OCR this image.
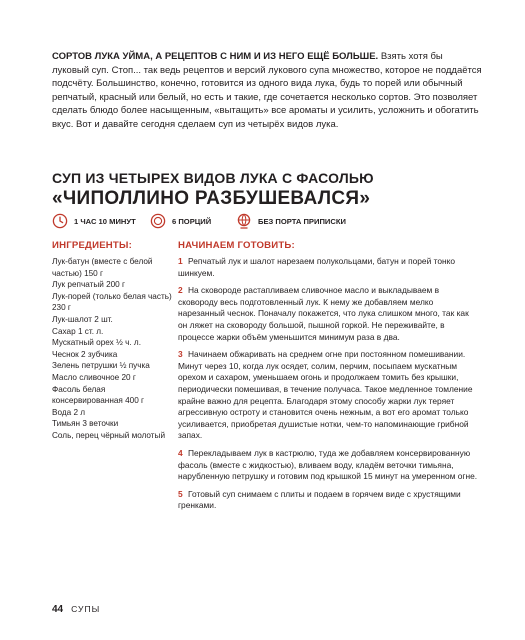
СОРТОВ ЛУКА УЙМА, А РЕЦЕПТОВ С НИМ И ИЗ НЕГО ЕЩЁ БОЛЬШЕ. Взять хотя бы луковый суп. Стоп... так ведь рецептов и версий лукового супа множество, которое не поддаётся подсчёту. Большинство, конечно, готовится из одного вида лука, будь то порей или обычный репчатый, красный или белый, но есть и такие, где сочетается несколько сортов. Это позволяет сделать блюдо более насыщенным, «вытащить» все ароматы и усилить, усложнить и обогатить вкус. Вот и давайте сегодня сделаем суп из четырёх видов лука.

СУП ИЗ ЧЕТЫРЕХ ВИДОВ ЛУКА С ФАСОЛЬЮ
«ЧИПОЛЛИНО РАЗБУШЕВАЛСЯ»
1 ЧАС 10 МИНУТ	6 ПОРЦИЙ	БЕЗ ПОРТА ПРИПИСКИ
ИНГРЕДИЕНТЫ:
Лук-батун (вместе с белой частью) 150 г
Лук репчатый 200 г
Лук-порей (только белая часть) 230 г
Лук-шалот 2 шт.
Сахар 1 ст. л.
Мускатный орех ½ ч. л.
Чеснок 2 зубчика
Зелень петрушки ½ пучка
Масло сливочное 20 г
Фасоль белая консервированная 400 г
Вода 2 л
Тимьян 3 веточки
Соль, перец чёрный молотый
НАЧИНАЕМ ГОТОВИТЬ:

1 Репчатый лук и шалот нарезаем полукольцами, батун и порей тонко шинкуем.

2 На сковороде растапливаем сливочное масло и выкладываем в сковороду весь подготовленный лук. К нему же добавляем мелко нарезанный чеснок. Поначалу покажется, что лука слишком много, так как он ляжет на сковороду большой, пышной горкой. Не переживайте, в процессе жарки объём уменьшится минимум разa в два.

3 Начинаем обжаривать на среднем огне при постоянном помешивании. Минут через 10, когда лук осядет, солим, перчим, посыпаем мускатным орехом и сахаром, уменьшаем огонь и продолжаем томить без крышки, периодически помешивая, в течение получаса. Такое медленное томление крайне важно для рецепта. Благодаря этому способу жарки лук теряет агрессивную остроту и становится очень нежным, а вот его аромат только усиливается, приобретая душистые нотки, чем-то напоминающие грибной запах.

4 Перекладываем лук в кастрюлю, туда же добавляем консервированную фасоль (вместе с жидкостью), вливаем воду, кладём веточки тимьяна, нарубленную петрушку и готовим под крышкой 15 минут на умеренном огне.

5 Готовый суп снимаем с плиты и подаем в горячем виде с хрустящими гренками.

44 СУПЫ
